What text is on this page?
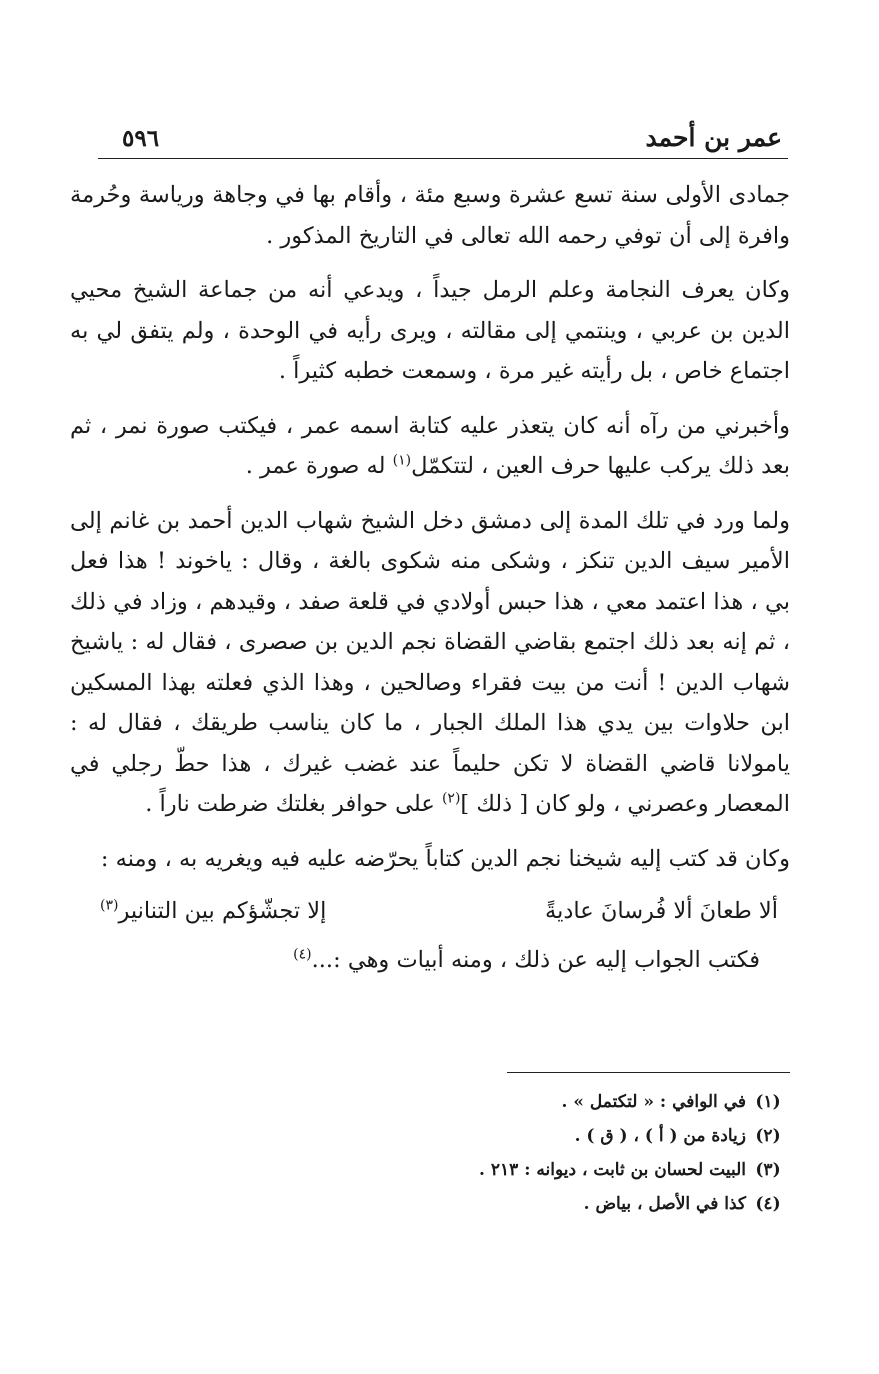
عمر بن أحمد
٥٩٦

جمادى الأولى سنة تسع عشرة وسبع مئة ، وأقام بها في وجاهة ورياسة وحُرمة وافرة إلى أن توفي رحمه الله تعالى في التاريخ المذكور .

وكان يعرف النجامة وعلم الرمل جيداً ، ويدعي أنه من جماعة الشيخ محيي الدين بن عربي ، وينتمي إلى مقالته ، ويرى رأيه في الوحدة ، ولم يتفق لي به اجتماع خاص ، بل رأيته غير مرة ، وسمعت خطبه كثيراً .

وأخبرني من رآه أنه كان يتعذر عليه كتابة اسمه عمر ، فيكتب صورة نمر ، ثم بعد ذلك يركب عليها حرف العين ، لتتكمّل$^{(١)}$ له صورة عمر .

ولما ورد في تلك المدة إلى دمشق دخل الشيخ شهاب الدين أحمد بن غانم إلى الأمير سيف الدين تنكز ، وشكى منه شكوى بالغة ، وقال : ياخوند ! هذا فعل بي ، هذا اعتمد معي ، هذا حبس أولادي في قلعة صفد ، وقيدهم ، وزاد في ذلك ، ثم إنه بعد ذلك اجتمع بقاضي القضاة نجم الدين بن صصرى ، فقال له : ياشيخ شهاب الدين ! أنت من بيت فقراء وصالحين ، وهذا الذي فعلته بهذا المسكين ابن حلاوات بين يدي هذا الملك الجبار ، ما كان يناسب طريقك ، فقال له : يامولانا قاضي القضاة لا تكن حليماً عند غضب غيرك ، هذا حطّ رجلي في المعصار وعصرني ، ولو كان [ ذلك ]$^{(٢)}$ على حوافر بغلتك ضرطت ناراً .

وكان قد كتب إليه شيخنا نجم الدين كتاباً يحرّضه عليه فيه ويغريه به ، ومنه :

ألا طعانَ ألا فُرسانَ عاديةً
إلا تجشّؤكم بين التنانير$^{(٣)}$

فكتب الجواب إليه عن ذلك ، ومنه أبيات وهي :...$^{(٤)}$

(١)
في الوافي : « لتكتمل » .
(٢)
زيادة من ( أ ) ، ( ق ) .
(٣)
البيت لحسان بن ثابت ، ديوانه : ٢١٣ .
(٤)
كذا في الأصل ، بياض .
